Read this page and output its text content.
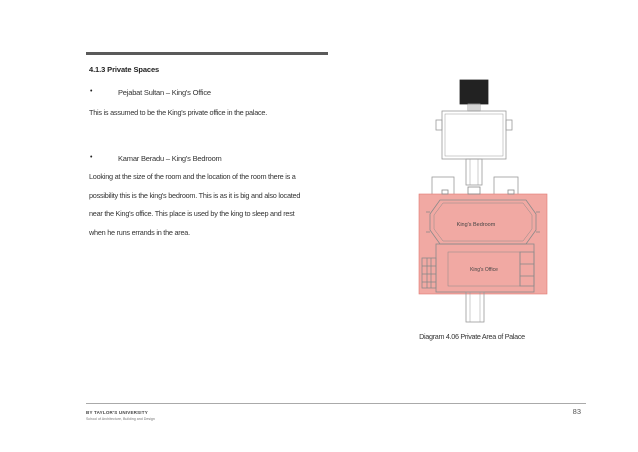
4.1.3 Private Spaces
•	Pejabat Sultan – King's Office
This is assumed to be the King's private office in the palace.
•	Kamar Beradu – King's Bedroom
Looking at the size of the room and the location of the room there is a
possibility this is the king's bedroom. This is as it is big and also located
near the King's office. This place is used by the king to sleep and rest
when he runs errands in the area.
King's Bedroom
King's Office
Diagram 4.06 Private Area of Palace
83
BY TAYLOR'S UNIVERSITY
School of Architecture, Building and Design
